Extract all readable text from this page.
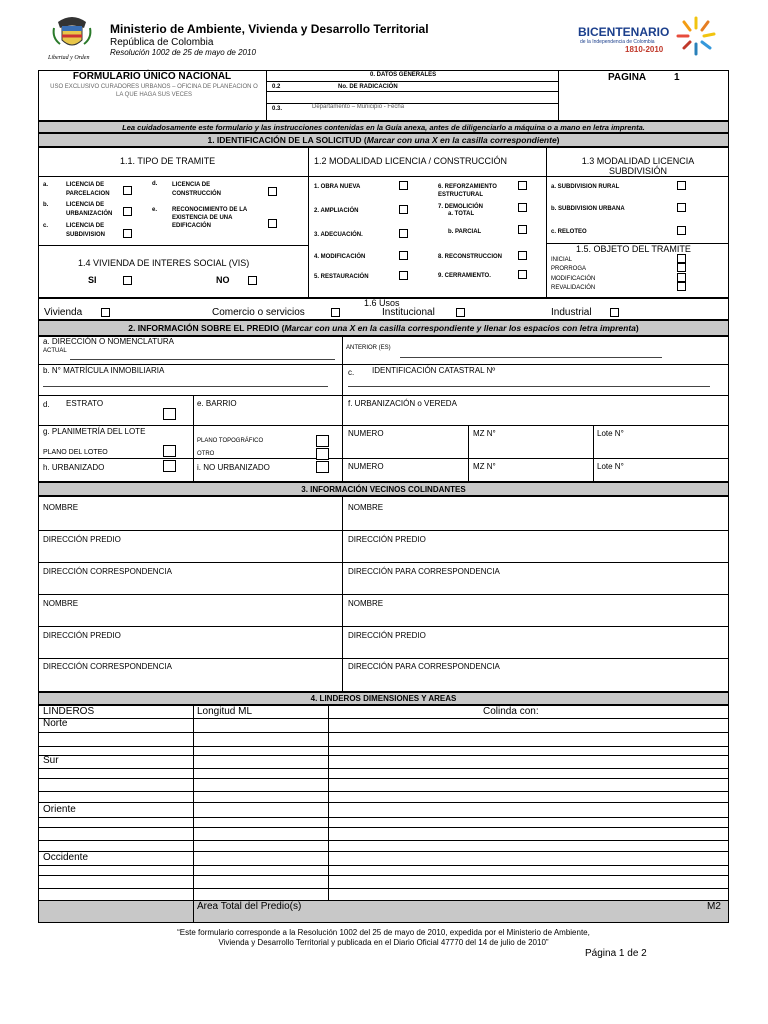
Libertad y Orden
Ministerio de Ambiente, Vivienda y Desarrollo Territorial
República de Colombia
Resolución 1002 de 25 de mayo de 2010
BICENTENARIO
de la Independencia de Colombia
1810-2010
FORMULARIO ÚNICO NACIONAL
USO EXCLUSIVO CURADORES URBANOS – OFICINA DE PLANEACION O LA QUE HAGA SUS VECES
0. DATOS GENERALES
0.2	No. DE RADICACIÓN
0.3.	Departamento – Municipio - Fecha
PAGINA	1
Lea cuidadosamente este formulario y las instrucciones contenidas en la Guía anexa, antes de diligenciarlo a máquina o a mano en letra imprenta.
1. IDENTIFICACIÓN DE LA SOLICITUD (Marcar con una X en la casilla correspondiente)
1.1. TIPO DE TRAMITE	1.2 MODALIDAD LICENCIA / CONSTRUCCIÓN	1.3 MODALIDAD LICENCIA SUBDIVISIÓN
a.	LICENCIA DE PARCELACION
b.	LICENCIA DE URBANIZACIÓN
c.	LICENCIA DE SUBDIVISION
d. LICENCIA DE CONSTRUCCIÓN
e. RECONOCIMIENTO DE LA EXISTENCIA DE UNA EDIFICACIÓN
1. OBRA NUEVA
2. AMPLIACIÓN
3. ADECUACIÓN.
4. MODIFICACIÓN
5. RESTAURACIÓN
6. REFORZAMIENTO ESTRUCTURAL
7. DEMOLICIÓN
a. TOTAL
b. PARCIAL
8. RECONSTRUCCION
9. CERRAMIENTO.
a. SUBDIVISION RURAL
b. SUBDIVISION URBANA
c. RELOTEO
1.4 VIVIENDA DE INTERES SOCIAL (VIS)
SI	NO
1.5. OBJETO DEL TRAMITE
INICIAL
PRORROGA
MODIFICACIÓN
REVALIDACIÓN
1.6 Usos
Vivienda	Comercio o servicios	Institucional	Industrial
2. INFORMACIÓN SOBRE EL PREDIO (Marcar con una X en la casilla correspondiente y llenar los espacios con letra imprenta)
a. DIRECCIÓN O NOMENCLATURA
ACTUAL	ANTERIOR (ES)
b. N° MATRÍCULA INMOBILIARIA	c. IDENTIFICACIÓN CATASTRAL Nº
d. ESTRATO	e. BARRIO	f. URBANIZACIÓN o VEREDA
g. PLANIMETRÍA DEL LOTE
PLANO DEL LOTEO
PLANO TOPOGRÁFICO
OTRO
NUMERO	MZ N°	Lote N°
h. URBANIZADO	i. NO URBANIZADO	NUMERO	MZ N°	Lote N°
3. INFORMACIÓN VECINOS COLINDANTES
NOMBRE	NOMBRE
DIRECCIÓN PREDIO	DIRECCIÓN PREDIO
DIRECCIÓN CORRESPONDENCIA	DIRECCIÓN PARA CORRESPONDENCIA
NOMBRE	NOMBRE
DIRECCIÓN PREDIO	DIRECCIÓN PREDIO
DIRECCIÓN CORRESPONDENCIA	DIRECCIÓN PARA CORRESPONDENCIA
4. LINDEROS DIMENSIONES Y AREAS
LINDEROS	Longitud ML	Colinda con:
Norte
Sur
Oriente
Occidente
Área Total del Predio(s)	M2
“Este formulario corresponde a la Resolución 1002 del 25 de mayo de 2010, expedida por el Ministerio de Ambiente,
Vivienda y Desarrollo Territorial y publicada en el Diario Oficial 47770 del 14 de julio de 2010”
Página 1 de 2
